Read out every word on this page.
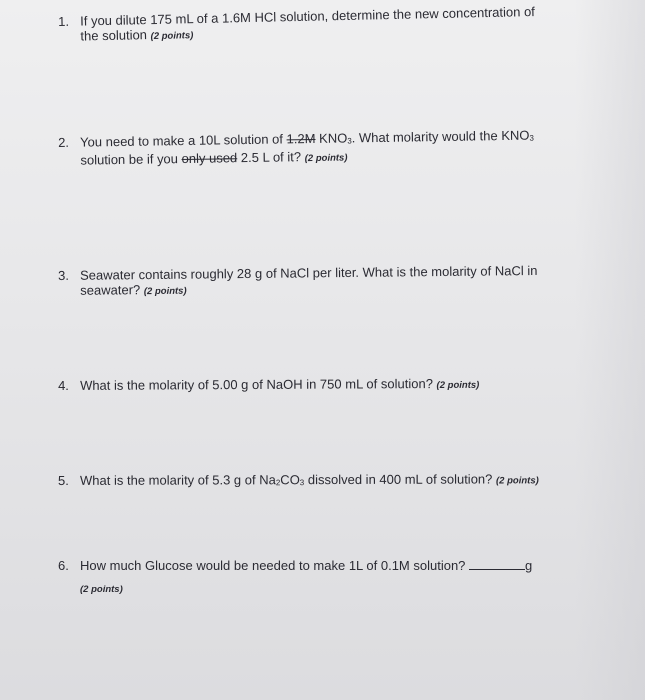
1. If you dilute 175 mL of a 1.6M HCl solution, determine the new concentration of
the solution (2 points)
2. You need to make a 10L solution of 1.2M KNO3. What molarity would the KNO3
solution be if you only used 2.5 L of it? (2 points)
3. Seawater contains roughly 28 g of NaCl per liter. What is the molarity of NaCl in
seawater? (2 points)
4. What is the molarity of 5.00 g of NaOH in 750 mL of solution? (2 points)
5. What is the molarity of 5.3 g of Na2CO3 dissolved in 400 mL of solution? (2 points)
6. How much Glucose would be needed to make 1L of 0.1M solution?	g
(2 points)
